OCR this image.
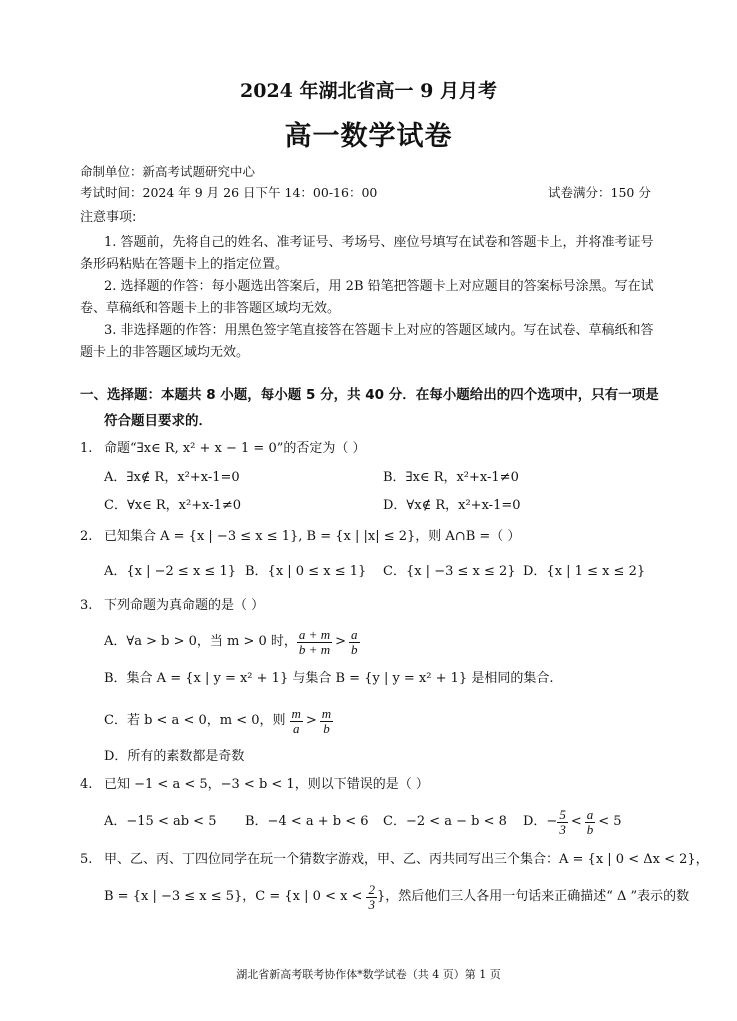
2024 年湖北省高一 9 月月考
高一数学试卷
命制单位：新高考试题研究中心
考试时间：2024 年 9 月 26 日下午 14：00-16：00	试卷满分：150 分
注意事项:
1. 答题前，先将自己的姓名、准考证号、考场号、座位号填写在试卷和答题卡上，并将准考证号条形码粘贴在答题卡上的指定位置。
2. 选择题的作答：每小题选出答案后，用 2B 铅笔把答题卡上对应题目的答案标号涂黑。写在试卷、草稿纸和答题卡上的非答题区域均无效。
3. 非选择题的作答：用黑色签字笔直接答在答题卡上对应的答题区域内。写在试卷、草稿纸和答题卡上的非答题区域均无效。
一、选择题：本题共 8 小题，每小题 5 分，共 40 分．在每小题给出的四个选项中，只有一项是
符合题目要求的．
1. 命题“∃x∈ R, x² + x − 1 = 0”的否定为（ ）
A．∃x∉ R，x²+x-1=0	B．∃x∈ R，x²+x-1≠0
C．∀x∈ R，x²+x-1≠0	D．∀x∉ R，x²+x-1=0
2. 已知集合 A = {x | −3 ≤ x ≤ 1}, B = {x | |x| ≤ 2}，则 A∩B =（ ）
A．{x | −2 ≤ x ≤ 1} B．{x | 0 ≤ x ≤ 1} C．{x | −3 ≤ x ≤ 2} D．{x | 1 ≤ x ≤ 2}
3. 下列命题为真命题的是（ ）
A．∀a > b > 0，当 m > 0 时， $\frac{a + m}{b + m} > \frac{a}{b}$
B．集合 A = {x | y = x² + 1} 与集合 B = {y | y = x² + 1} 是相同的集合.
C．若 b < a < 0，m < 0，则 $\frac{m}{a} > \frac{m}{b}$
D．所有的素数都是奇数
4. 已知 −1 < a < 5，−3 < b < 1，则以下错误的是（ ）
A．−15 < ab < 5 B．−4 < a + b < 6 C．−2 < a − b < 8 D．− $\frac{5}{3} < \frac{a}{b} < 5$
5. 甲、乙、丙、丁四位同学在玩一个猜数字游戏，甲、乙、丙共同写出三个集合：A = {x | 0 < Δx < 2}，
B = {x | −3 ≤ x ≤ 5}，C = {x | $0 < x < \frac{2}{3}$ }，然后他们三人各用一句话来正确描述“ Δ ”表示的数
湖北省新高考联考协作体*数学试卷（共 4 页）第 1 页
